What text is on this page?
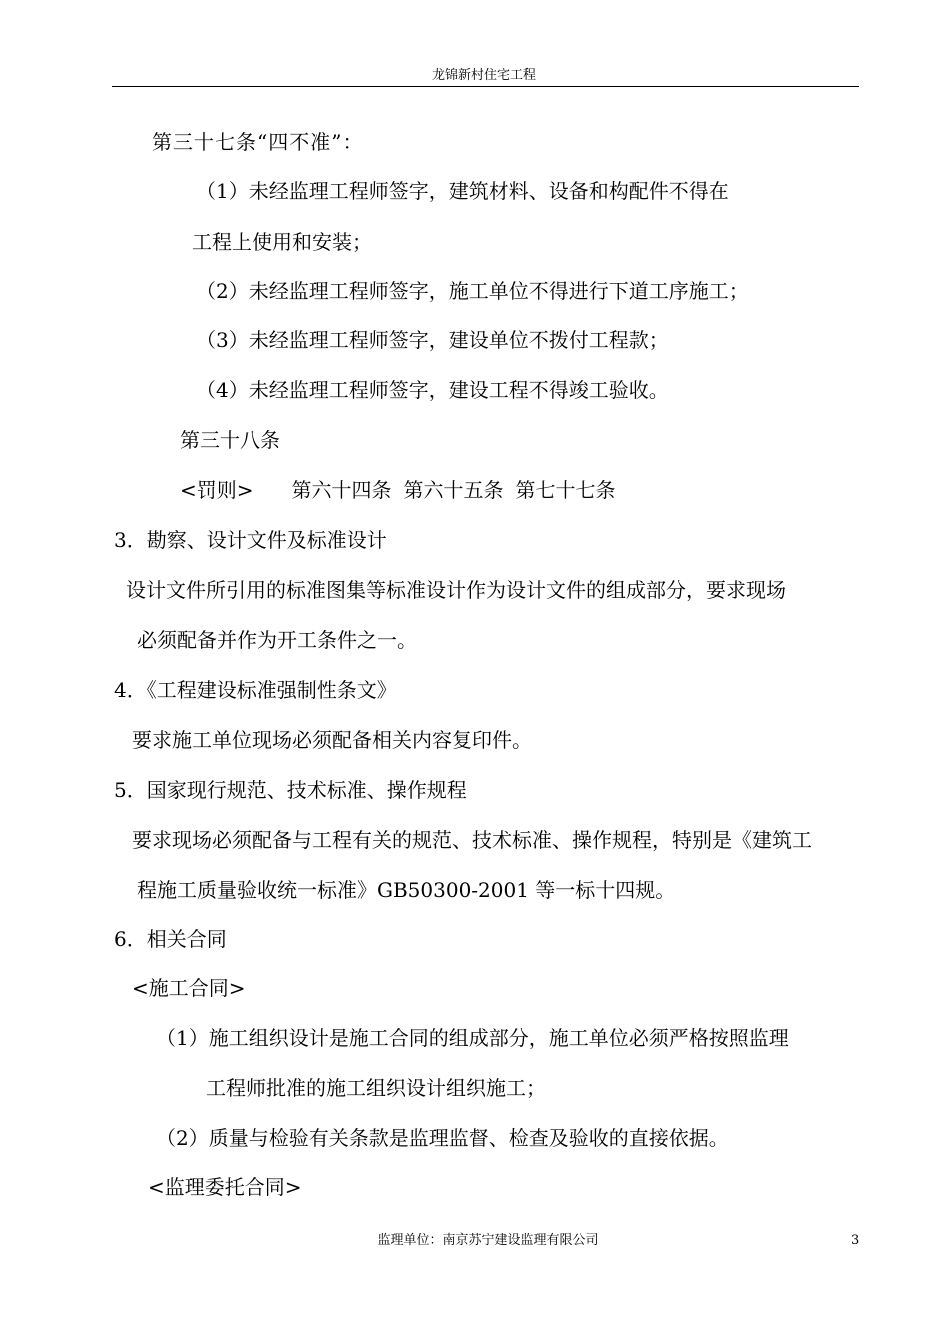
龙锦新村住宅工程
第三十七条“四不准”：
（1）未经监理工程师签字，建筑材料、设备和构配件不得在
工程上使用和安装；
（2）未经监理工程师签字，施工单位不得进行下道工序施工；
（3）未经监理工程师签字，建设单位不拨付工程款；
（4）未经监理工程师签字，建设工程不得竣工验收。
第三十八条
<罚则> 第六十四条 第六十五条 第七十七条
3．勘察、设计文件及标准设计
设计文件所引用的标准图集等标准设计作为设计文件的组成部分，要求现场
必须配备并作为开工条件之一。
4．《工程建设标准强制性条文》
要求施工单位现场必须配备相关内容复印件。
5．国家现行规范、技术标准、操作规程
要求现场必须配备与工程有关的规范、技术标准、操作规程，特别是《建筑工
程施工质量验收统一标准》GB50300-2001 等一标十四规。
6．相关合同
<施工合同>
（1）施工组织设计是施工合同的组成部分，施工单位必须严格按照监理
工程师批准的施工组织设计组织施工；
（2）质量与检验有关条款是监理监督、检查及验收的直接依据。
<监理委托合同>
监理单位：南京苏宁建设监理有限公司	3
